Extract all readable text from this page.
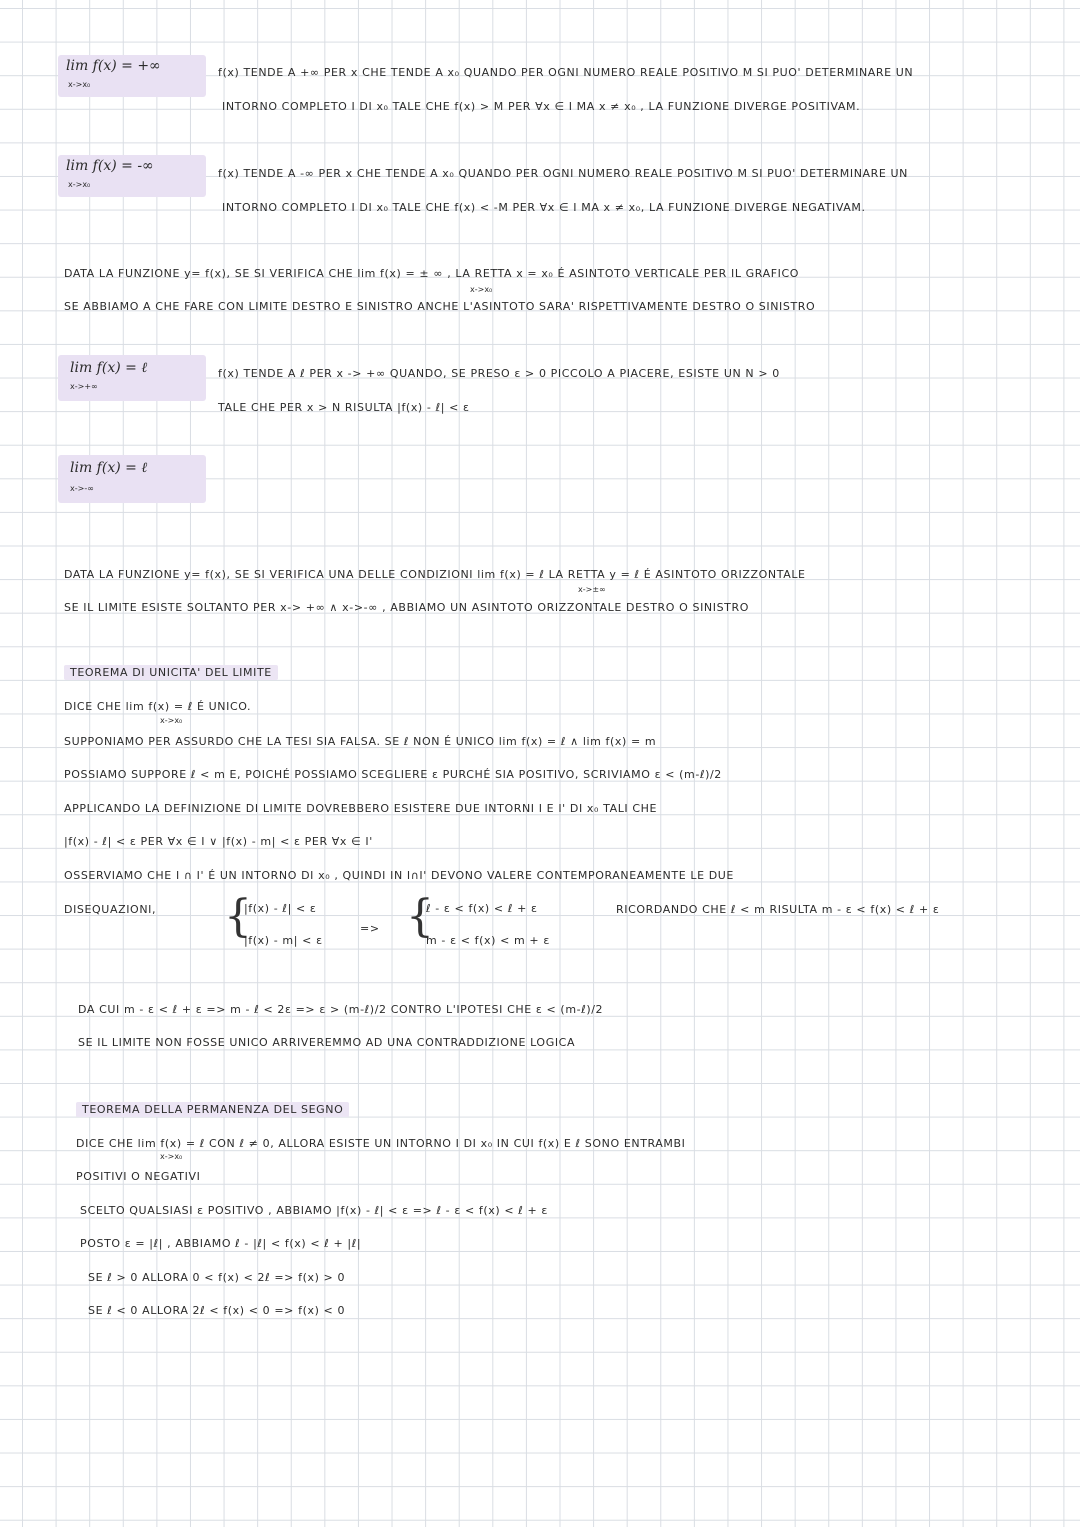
lim f(x) = +∞
x->x₀
f(x) TENDE A +∞ PER x CHE TENDE A x₀ QUANDO PER OGNI NUMERO REALE POSITIVO M SI PUO' DETERMINARE UN
INTORNO COMPLETO I DI x₀ TALE CHE f(x) > M PER ∀x ∈ I MA x ≠ x₀ , LA FUNZIONE DIVERGE POSITIVAM.
lim f(x) = -∞
x->x₀
f(x) TENDE A -∞ PER x CHE TENDE A x₀ QUANDO PER OGNI NUMERO REALE POSITIVO M SI PUO' DETERMINARE UN
INTORNO COMPLETO I DI x₀ TALE CHE f(x) < -M PER ∀x ∈ I MA x ≠ x₀, LA FUNZIONE DIVERGE NEGATIVAM.
DATA LA FUNZIONE y= f(x), SE SI VERIFICA CHE lim f(x) = ± ∞ , LA RETTA x = x₀ É ASINTOTO VERTICALE PER IL GRAFICO
x->x₀
SE ABBIAMO A CHE FARE CON LIMITE DESTRO E SINISTRO ANCHE L'ASINTOTO SARA' RISPETTIVAMENTE DESTRO O SINISTRO
lim f(x) = ℓ
x->+∞
f(x) TENDE A ℓ PER x -> +∞ QUANDO, SE PRESO ε > 0 PICCOLO A PIACERE, ESISTE UN N > 0
TALE CHE PER x > N RISULTA |f(x) - ℓ| < ε
lim f(x) = ℓ
x->-∞
DATA LA FUNZIONE y= f(x), SE SI VERIFICA UNA DELLE CONDIZIONI lim f(x) = ℓ LA RETTA y = ℓ É ASINTOTO ORIZZONTALE
x->±∞
SE IL LIMITE ESISTE SOLTANTO PER x-> +∞ ∧ x->-∞ , ABBIAMO UN ASINTOTO ORIZZONTALE DESTRO O SINISTRO
TEOREMA DI UNICITA' DEL LIMITE
DICE CHE lim f(x) = ℓ É UNICO.
x->x₀
SUPPONIAMO PER ASSURDO CHE LA TESI SIA FALSA. SE ℓ NON É UNICO lim f(x) = ℓ ∧ lim f(x) = m
POSSIAMO SUPPORE ℓ < m E, POICHÉ POSSIAMO SCEGLIERE ε PURCHÉ SIA POSITIVO, SCRIVIAMO ε < (m-ℓ)/2
APPLICANDO LA DEFINIZIONE DI LIMITE DOVREBBERO ESISTERE DUE INTORNI I E I' DI x₀ TALI CHE
|f(x) - ℓ| < ε PER ∀x ∈ I ∨ |f(x) - m| < ε PER ∀x ∈ I'
OSSERVIAMO CHE I ∩ I' É UN INTORNO DI x₀ , QUINDI IN I∩I' DEVONO VALERE CONTEMPORANEAMENTE LE DUE
DISEQUAZIONI, {
|f(x) - ℓ| < ε
|f(x) - m| < ε
=> {
ℓ - ε < f(x) < ℓ + ε
m - ε < f(x) < m + ε
RICORDANDO CHE ℓ < m RISULTA m - ε < f(x) < ℓ + ε
DA CUI m - ε < ℓ + ε => m - ℓ < 2ε => ε > (m-ℓ)/2 CONTRO L'IPOTESI CHE ε < (m-ℓ)/2
SE IL LIMITE NON FOSSE UNICO ARRIVEREMMO AD UNA CONTRADDIZIONE LOGICA
TEOREMA DELLA PERMANENZA DEL SEGNO
DICE CHE lim f(x) = ℓ CON ℓ ≠ 0, ALLORA ESISTE UN INTORNO I DI x₀ IN CUI f(x) E ℓ SONO ENTRAMBI
x->x₀
POSITIVI O NEGATIVI
SCELTO QUALSIASI ε POSITIVO , ABBIAMO |f(x) - ℓ| < ε => ℓ - ε < f(x) < ℓ + ε
POSTO ε = |ℓ| , ABBIAMO ℓ - |ℓ| < f(x) < ℓ + |ℓ|
SE ℓ > 0 ALLORA 0 < f(x) < 2ℓ => f(x) > 0
SE ℓ < 0 ALLORA 2ℓ < f(x) < 0 => f(x) < 0
